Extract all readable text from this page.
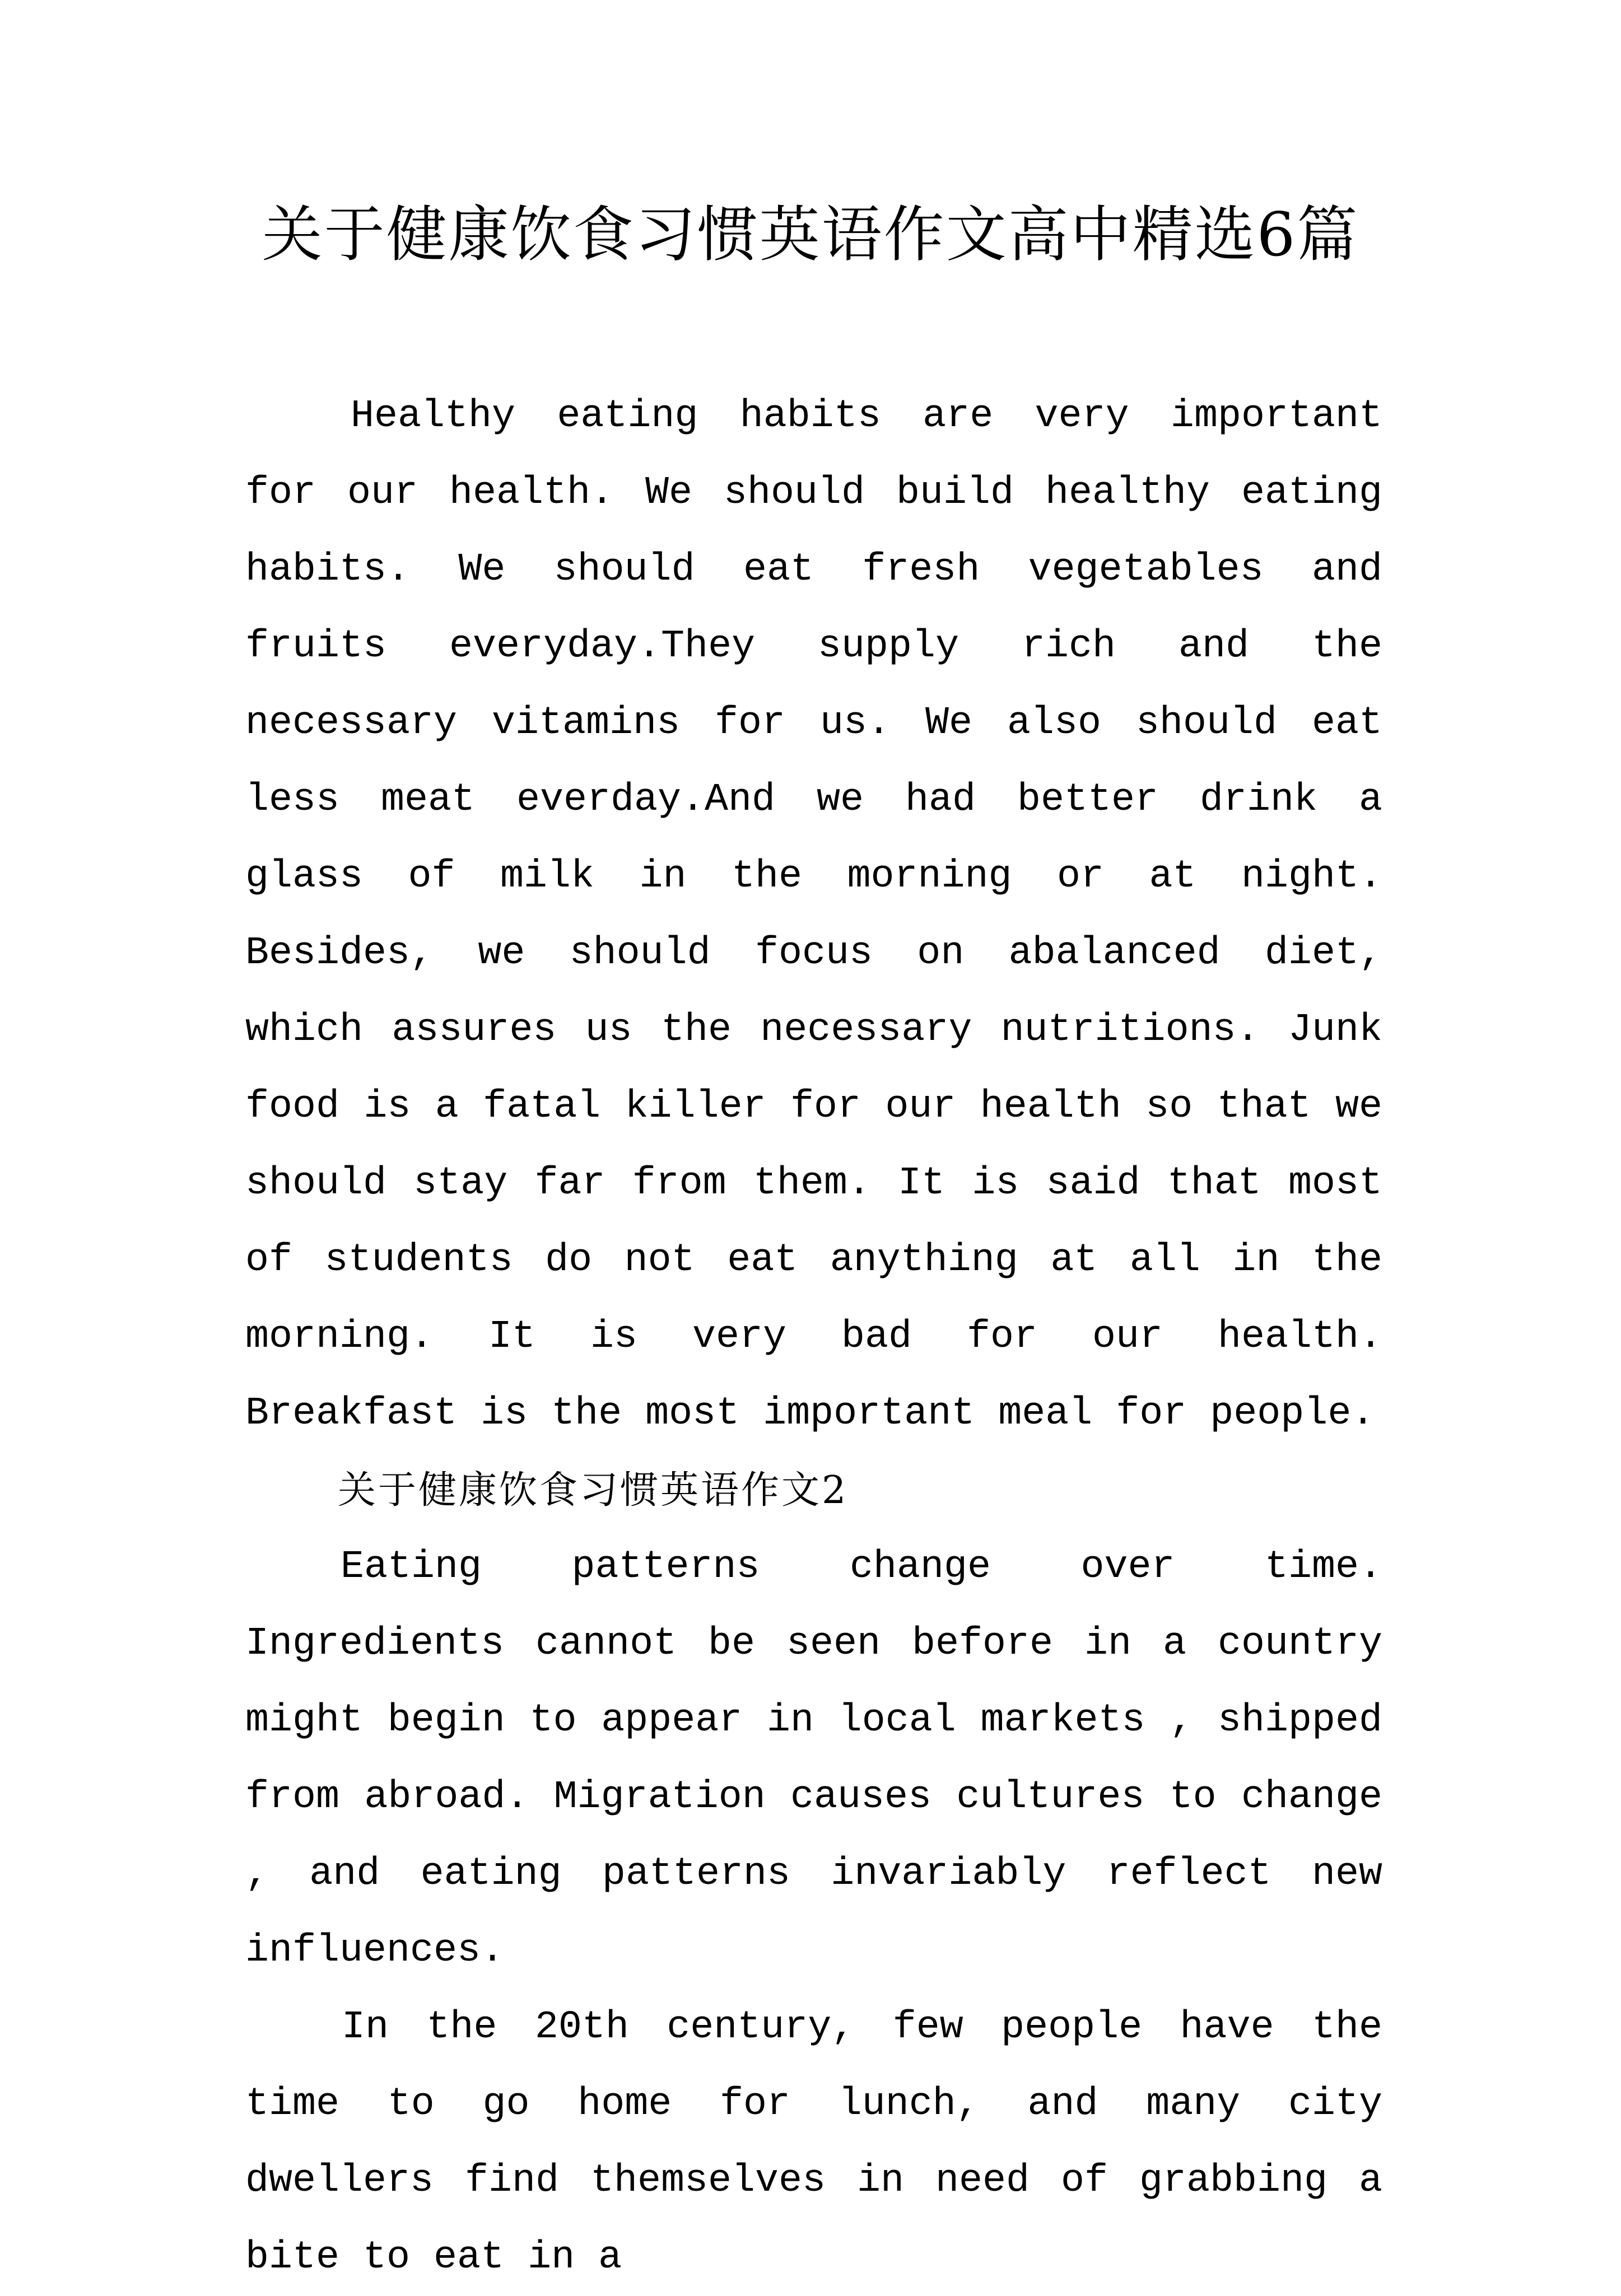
关于健康饮食习惯英语作文高中精选6篇

Healthy eating habits are very important for our health. We should build healthy eating habits. We should eat fresh vegetables and fruits everyday.They supply rich and the necessary vitamins for us. We also should eat less meat everday.And we had better drink a glass of milk in the morning or at night. Besides, we should focus on abalanced diet, which assures us the necessary nutritions. Junk food is a fatal killer for our health so that we should stay far from them. It is said that most of students do not eat anything at all in the morning. It is very bad for our health. Breakfast is the most important meal for people.

关于健康饮食习惯英语作文2

Eating patterns change over time. Ingredients cannot be seen before in a country might begin to appear in local markets , shipped from abroad. Migration causes cultures to change , and eating patterns invariably reflect new influences.

In the 20th century, few people have the time to go home for lunch, and many city dwellers find themselves in need of grabbing a bite to eat in a
